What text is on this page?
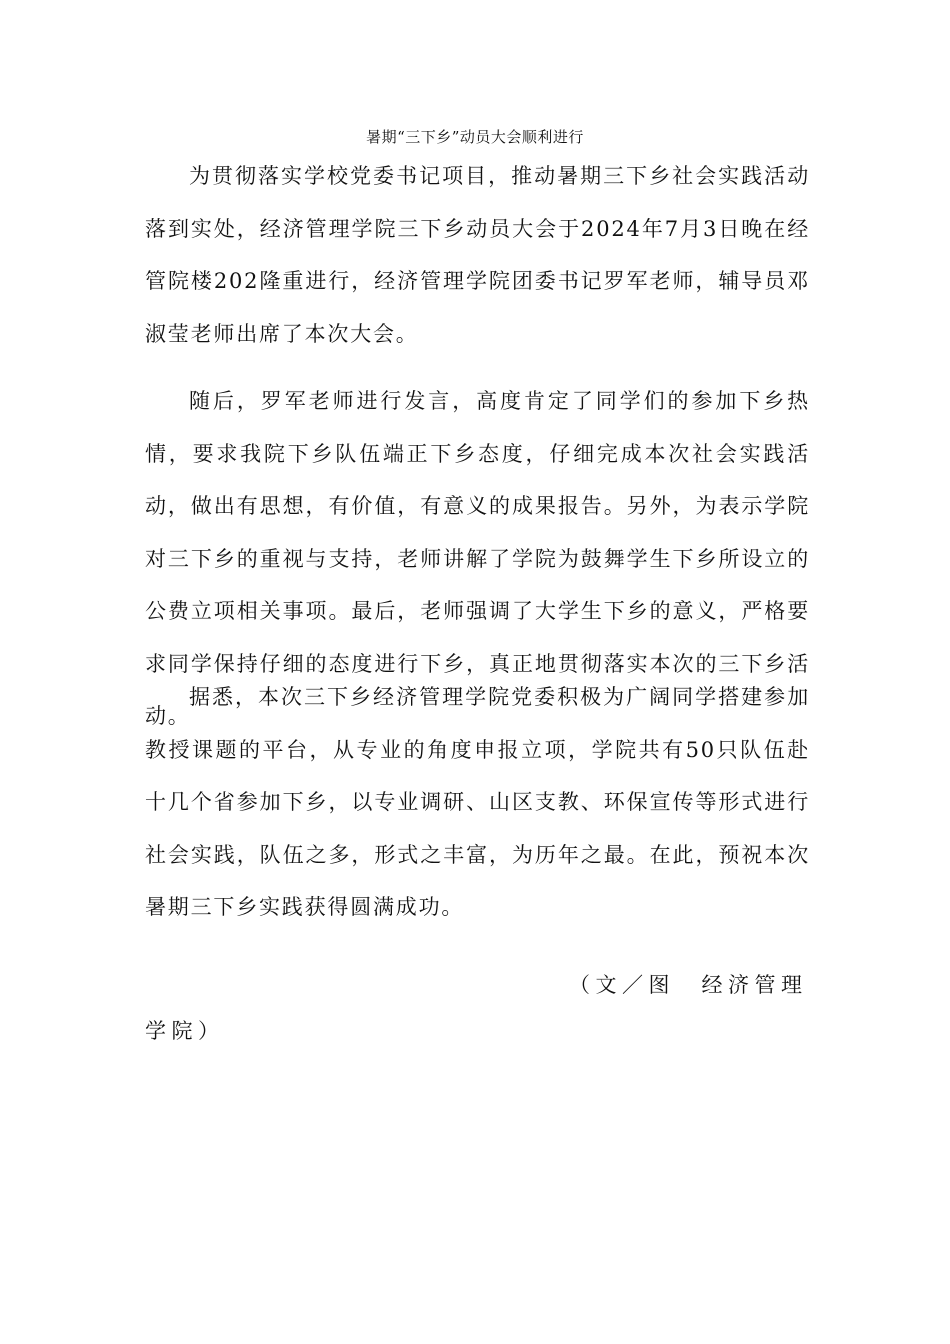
暑期“三下乡”动员大会顺利进行

为贯彻落实学校党委书记项目，推动暑期三下乡社会实践活动落到实处，经济管理学院三下乡动员大会于2024年7月3日晚在经管院楼202隆重进行，经济管理学院团委书记罗军老师，辅导员邓淑莹老师出席了本次大会。

随后，罗军老师进行发言，高度肯定了同学们的参加下乡热情，要求我院下乡队伍端正下乡态度，仔细完成本次社会实践活动，做出有思想，有价值，有意义的成果报告。另外，为表示学院对三下乡的重视与支持，老师讲解了学院为鼓舞学生下乡所设立的公费立项相关事项。最后，老师强调了大学生下乡的意义，严格要求同学保持仔细的态度进行下乡，真正地贯彻落实本次的三下乡活动。

据悉，本次三下乡经济管理学院党委积极为广阔同学搭建参加教授课题的平台，从专业的角度申报立项，学院共有50只队伍赴十几个省参加下乡，以专业调研、山区支教、环保宣传等形式进行社会实践，队伍之多，形式之丰富，为历年之最。在此，预祝本次暑期三下乡实践获得圆满成功。

（文／图　经济管理学院）
